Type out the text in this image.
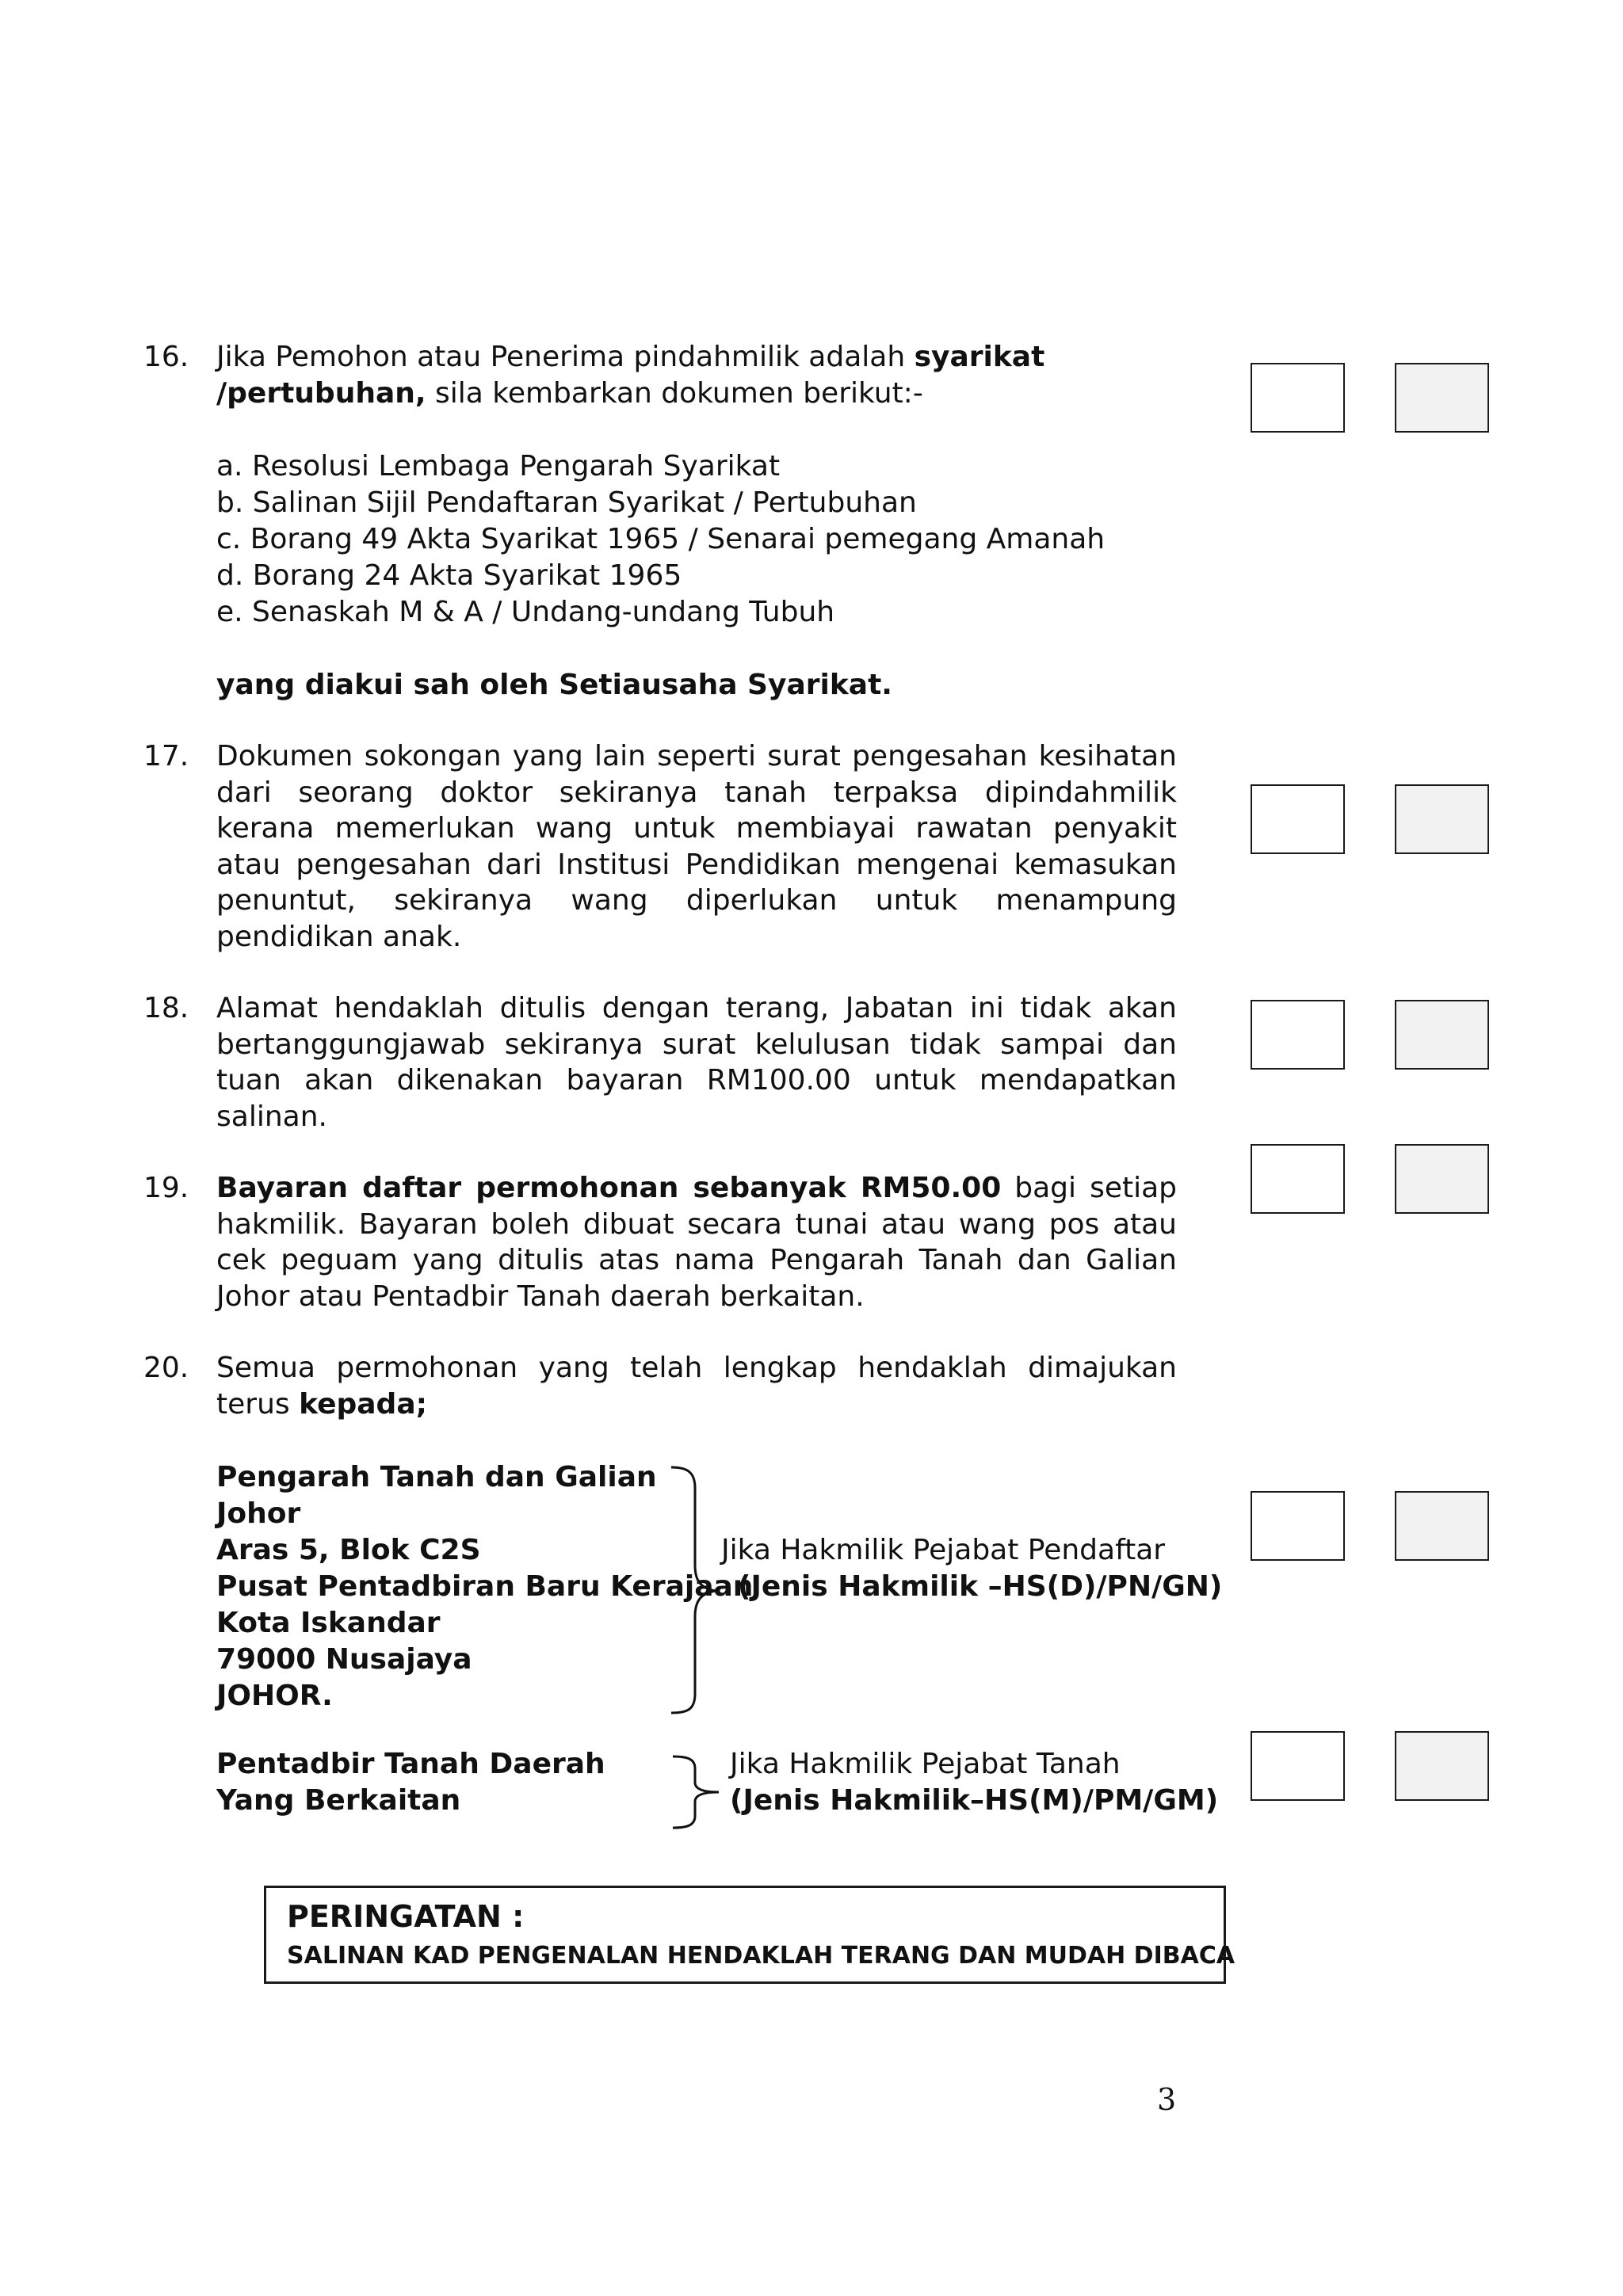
16. Jika Pemohon atau Penerima pindahmilik adalah syarikat
/pertubuhan, sila kembarkan dokumen berikut:-
a. Resolusi Lembaga Pengarah Syarikat
b. Salinan Sijil Pendaftaran Syarikat / Pertubuhan
c. Borang 49 Akta Syarikat 1965 / Senarai pemegang Amanah
d. Borang 24 Akta Syarikat 1965
e. Senaskah M & A / Undang-undang Tubuh
yang diakui sah oleh Setiausaha Syarikat.
17. Dokumen sokongan yang lain seperti surat pengesahan kesihatan dari seorang doktor sekiranya tanah terpaksa dipindahmilik kerana memerlukan wang untuk membiayai rawatan penyakit atau pengesahan dari Institusi Pendidikan mengenai kemasukan penuntut, sekiranya wang diperlukan untuk menampung pendidikan anak.
18. Alamat hendaklah ditulis dengan terang, Jabatan ini tidak akan bertanggungjawab sekiranya surat kelulusan tidak sampai dan tuan akan dikenakan bayaran RM100.00 untuk mendapatkan salinan.
19. Bayaran daftar permohonan sebanyak RM50.00 bagi setiap hakmilik. Bayaran boleh dibuat secara tunai atau wang pos atau cek peguam yang ditulis atas nama Pengarah Tanah dan Galian Johor atau Pentadbir Tanah daerah berkaitan.
20. Semua permohonan yang telah lengkap hendaklah dimajukan terus kepada;
Pengarah Tanah dan Galian
Johor
Aras 5, Blok C2S
Pusat Pentadbiran Baru Kerajaan
Kota Iskandar
79000 Nusajaya
JOHOR.
Jika Hakmilik Pejabat Pendaftar
(Jenis Hakmilik –HS(D)/PN/GN)
Pentadbir Tanah Daerah
Yang Berkaitan
Jika Hakmilik Pejabat Tanah
(Jenis Hakmilik–HS(M)/PM/GM)
PERINGATAN :
SALINAN KAD PENGENALAN HENDAKLAH TERANG DAN MUDAH DIBACA
3
